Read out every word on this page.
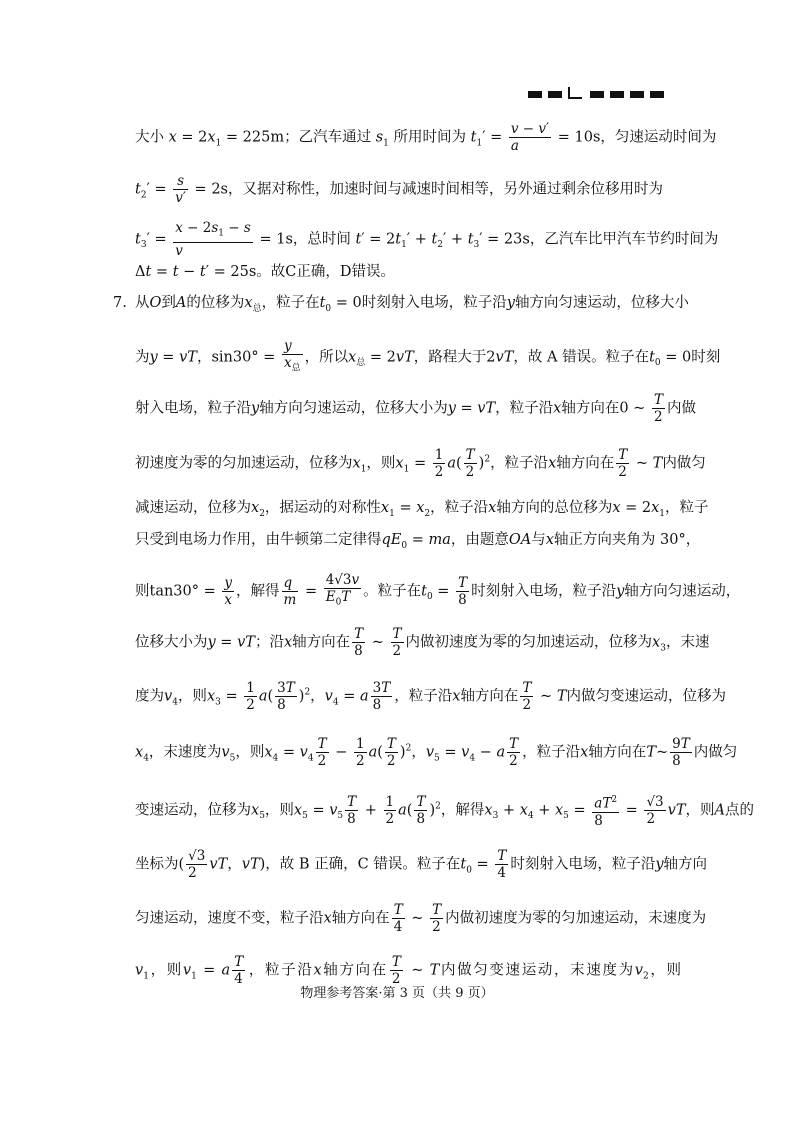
大小 $x = 2x_1 = 225m$；乙汽车通过 $s_1$ 所用时间为 $t_1' = \frac{v - v'}{a} = 10s$，匀速运动时间为
$t_2' = \frac{s}{v'} = 2s$，又据对称性，加速时间与减速时间相等，另外通过剩余位移用时为
$t_3' = \frac{x - 2s_1 - s}{v} = 1s$，总时间 $t' = 2t_1' + t_2' + t_3' = 23s$，乙汽车比甲汽车节约时间为
Δt = t − t′ = 25s。故C正确，D错误。
7. 从O到A的位移为$x_总$，粒子在$t_0 = 0$时刻射入电场，粒子沿y轴方向匀速运动，位移大小
为y = vT，$\sin 30^\circ = \frac{y}{x_总}$ ，所以$x_总 = 2vT$，路程大于2vT，故 A 错误。粒子在$t_0 = 0$时刻
射入电场，粒子沿y轴方向匀速运动，位移大小为y = vT，粒子沿x轴方向在0 ~ $\frac{T}{2}$ 内做
初速度为零的匀加速运动，位移为$x_1$，则$x_1 = \frac{1}{2} a( \frac{T}{2} )^2$，粒子沿x轴方向在 $\frac{T}{2}$ ~ T内做匀
减速运动，位移为$x_2$，据运动的对称性$x_1 = x_2$，粒子沿x轴方向的总位移为$x = 2x_1$，粒子
只受到电场力作用，由牛顿第二定律得$qE_0$ = ma，由题意OA与x轴正方向夹角为 30°，
则$\tan 30^\circ = \frac{y}{x}$ ，解得 $\frac{q}{m} = \frac{4√3v}{E_0T}$ 。粒子在$t_0 = \frac{T}{8}$ 时刻射入电场，粒子沿y轴方向匀速运动，
位移大小为y = vT；沿x轴方向在 $\frac{T}{8}$ ~ $\frac{T}{2}$ 内做初速度为零的匀加速运动，位移为$x_3$，末速
度为$v_4$，则$x_3 = \frac{1}{2} a( \frac{3T}{8} )^2$，$v_4 = a \frac{3T}{8}$ ，粒子沿x轴方向在 $\frac{T}{2}$ ~ T内做匀变速运动，位移为
$x_4$，末速度为$v_5$，则$x_4 = v_4 \frac{T}{2} - \frac{1}{2} a( \frac{T}{2} )^2$，$v_5 = v_4 - a \frac{T}{2}$ ，粒子沿x轴方向在T~ $\frac{9T}{8}$ 内做匀
变速运动，位移为$x_5$，则$x_5 = v_5 \frac{T}{8} + \frac{1}{2} a( \frac{T}{8} )^2$，解得$x_3 + x_4 + x_5 = \frac{aT^2}{8} = \frac{√3}{2}$ vT，则A点的
坐标为( $\frac{√3}{2}$ vT，vT)，故 B 正确，C 错误。粒子在$t_0 = \frac{T}{4}$ 时刻射入电场，粒子沿y轴方向
匀速运动，速度不变，粒子沿x轴方向在 $\frac{T}{4}$ ~ $\frac{T}{2}$ 内做初速度为零的匀加速运动，末速度为
$v_1$，则$v_1 = a \frac{T}{4}$ ，粒子沿x轴方向在 $\frac{T}{2}$ ~ T内做匀变速运动，末速度为$v_2$，则
物理参考答案·第 3 页（共 9 页）
